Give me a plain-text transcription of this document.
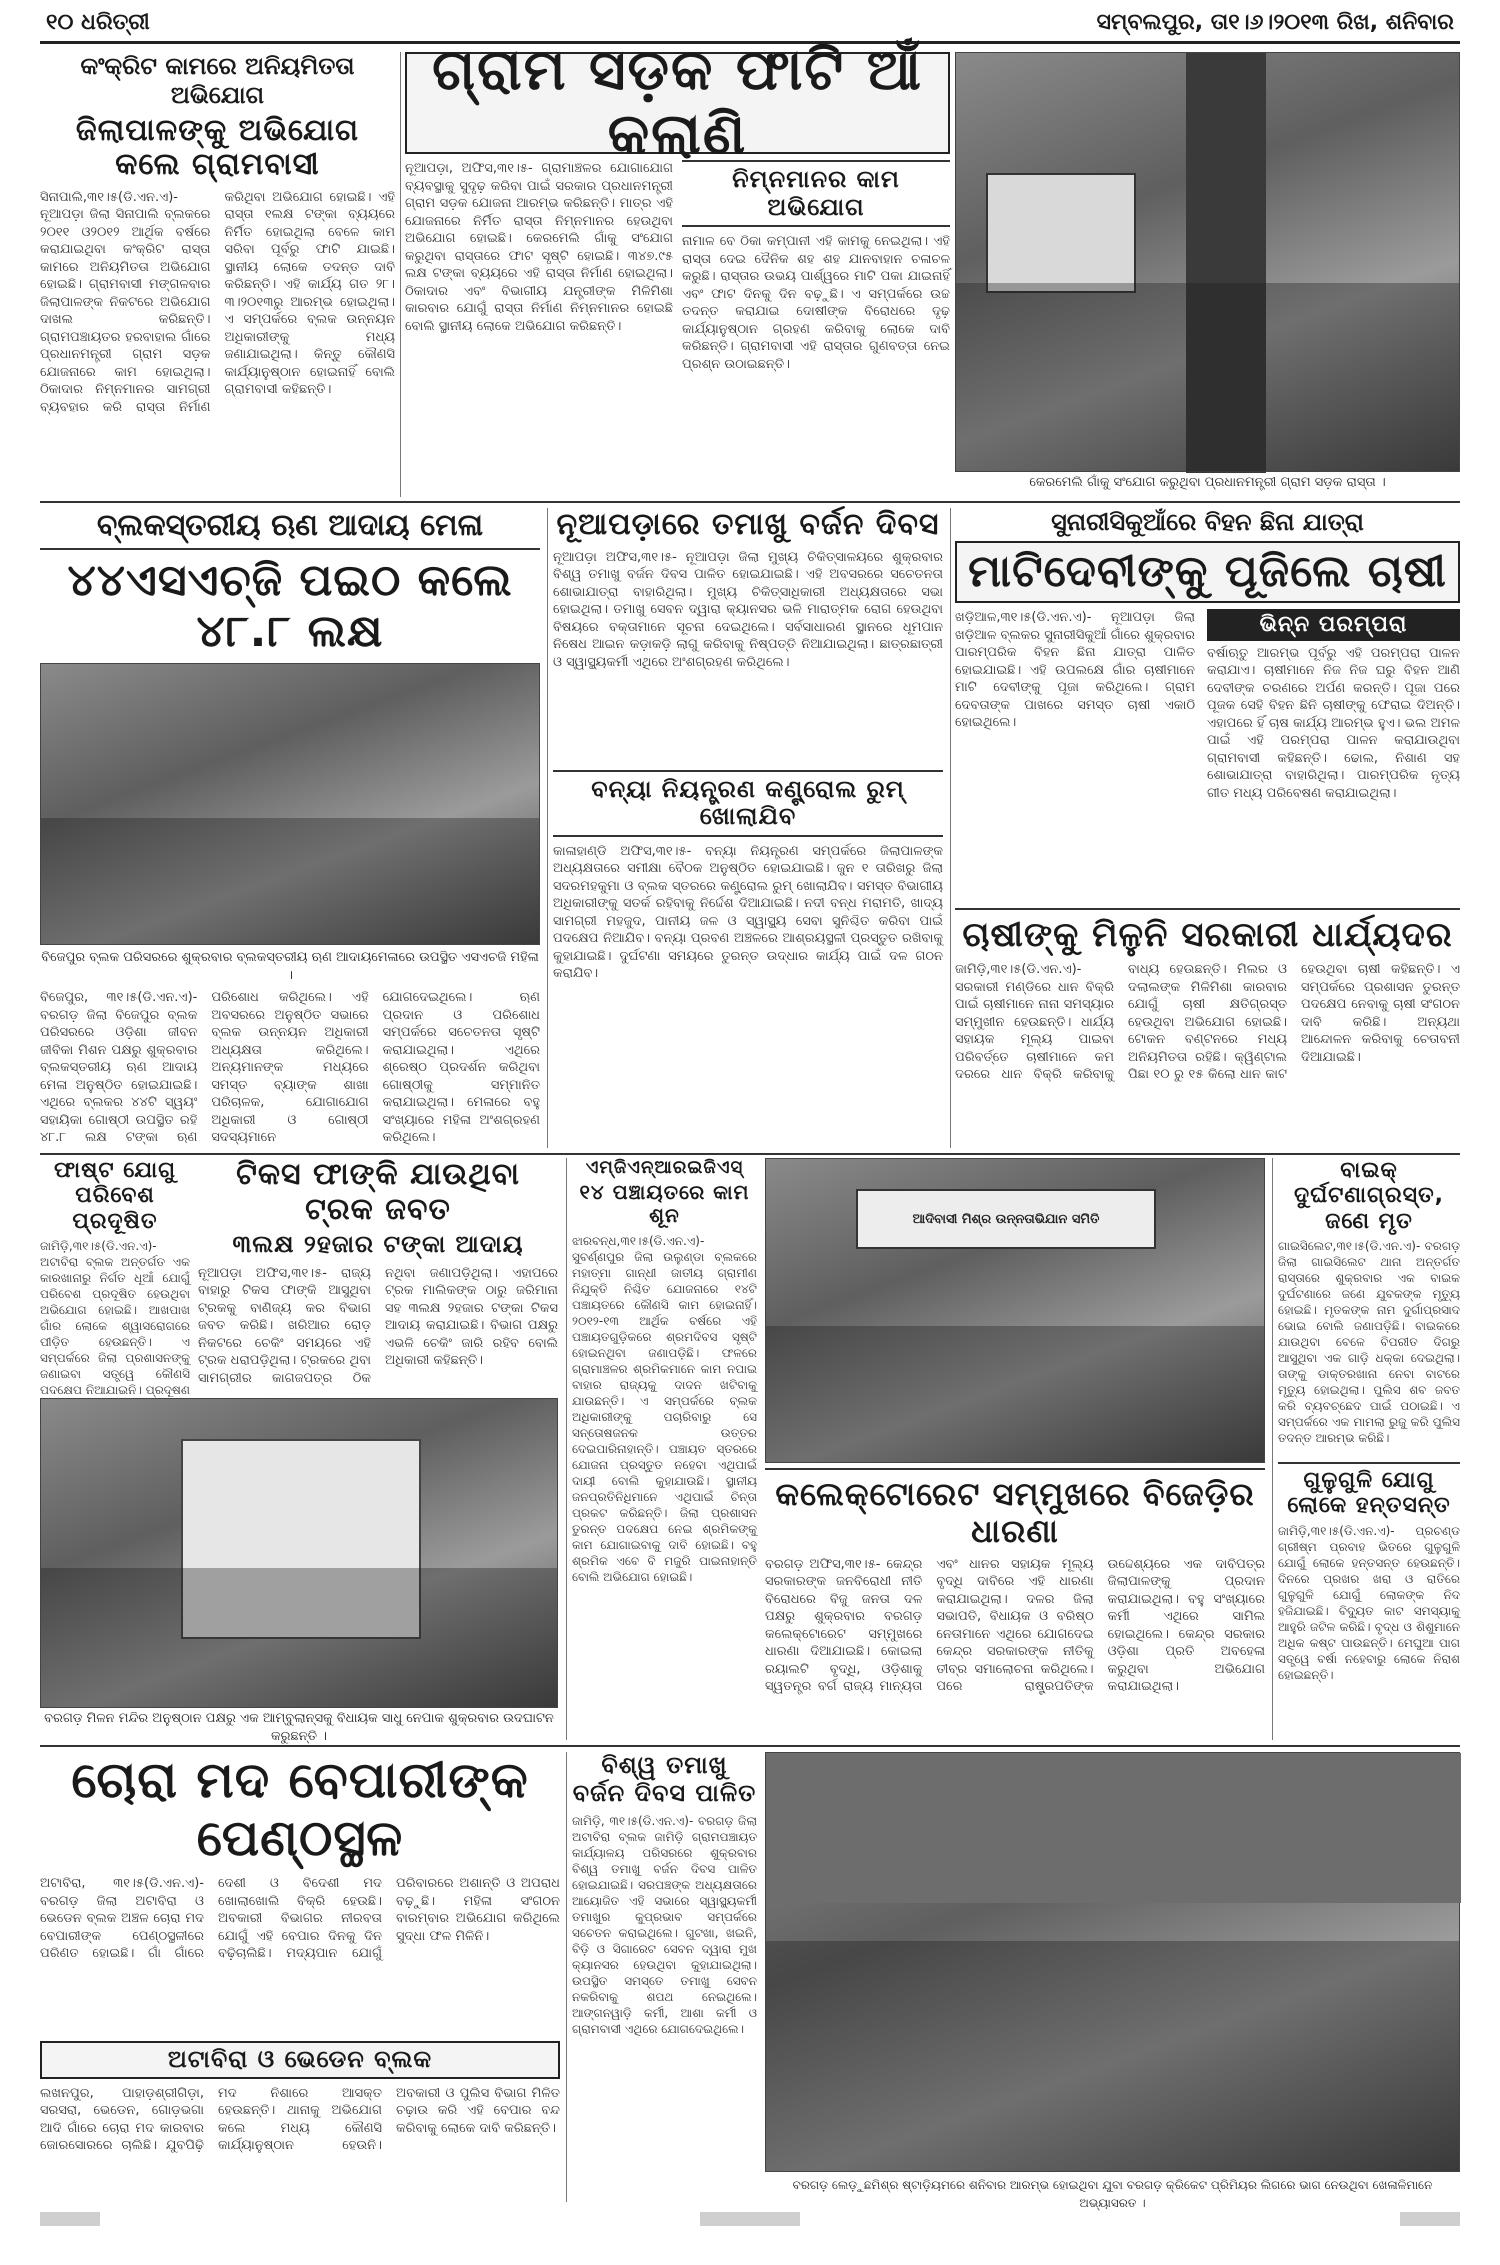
୧୦ ଧରିତ୍ରୀ	ସମ୍ବଲପୁର, ତା୧।୬।୨୦୧୩ ରିଖ, ଶନିବାର
କଂକ୍ରିଟ କାମରେ ଅନିୟମିତତା ଅଭିଯୋଗ
ଜିଲାପାଳଙ୍କୁ ଅଭିଯୋଗ କଲେ ଗ୍ରାମବାସୀ
ସିନାପାଲି,୩୧।୫(ଡି.ଏନ.ଏ)- ନୂଆପଡ଼ା ଜିଲା ସିନାପାଲି ବ୍ଲକରେ ୨୦୧୧ ଓ୨୦୧୨ ଆର୍ଥିକ ବର୍ଷରେ କରାଯାଇଥିବା କଂକ୍ରିଟ ରାସ୍ତା କାମରେ ଅନିୟମିତତା ଅଭିଯୋଗ ହୋଇଛି। ଗ୍ରାମବାସୀ ମଙ୍ଗଳବାର ଜିଲାପାଳଙ୍କ ନିକଟରେ ଅଭିଯୋଗ ଦାଖଲ କରିଛନ୍ତି। ଗ୍ରାମପଞ୍ଚାୟତର ହରବାହାଲ ଗାଁରେ ପ୍ରଧାନମନ୍ତ୍ରୀ ଗ୍ରାମ ସଡ଼କ ଯୋଜନାରେ କାମ ହୋଇଥିଲା। ଠିକାଦାର ନିମ୍ନମାନର ସାମଗ୍ରୀ ବ୍ୟବହାର କରି ରାସ୍ତା ନିର୍ମାଣ କରିଥିବା ଅଭିଯୋଗ ହୋଇଛି। ଏହି ରାସ୍ତା ୧ଲକ୍ଷ ଟଙ୍କା ବ୍ୟୟରେ ନିର୍ମିତ ହୋଇଥିଲା ବେଳେ କାମ ସରିବା ପୂର୍ବରୁ ଫାଟି ଯାଇଛି। ସ୍ଥାନୀୟ ଲୋକେ ତଦନ୍ତ ଦାବି କରିଛନ୍ତି। ଏହି କାର୍ଯ୍ୟ ଗତ ୨୮।୩।୨୦୧୩ରୁ ଆରମ୍ଭ ହୋଇଥିଲା। ଏ ସମ୍ପର୍କରେ ବ୍ଲକ ଉନ୍ନୟନ ଅଧିକାରୀଙ୍କୁ ମଧ୍ୟ ଜଣାଯାଇଥିଲା। କିନ୍ତୁ କୌଣସି କାର୍ଯ୍ୟାନୁଷ୍ଠାନ ହୋଇନାହିଁ ବୋଲି ଗ୍ରାମବାସୀ କହିଛନ୍ତି।
ଗ୍ରାମ ସଡ଼କ ଫାଟି ଆଁ କଲାଣି
ନୂଆପଡ଼ା, ଅଫିସ,୩୧।୫- ଗ୍ରାମାଞ୍ଚଳର ଯୋଗାଯୋଗ ବ୍ୟବସ୍ଥାକୁ ସୁଦୃଢ଼ କରିବା ପାଇଁ ସରକାର ପ୍ରଧାନମନ୍ତ୍ରୀ ଗ୍ରାମ ସଡ଼କ ଯୋଜନା ଆରମ୍ଭ କରିଛନ୍ତି। ମାତ୍ର ଏହି ଯୋଜନାରେ ନିର୍ମିତ ରାସ୍ତା ନିମ୍ନମାନର ହେଉଥିବା ଅଭିଯୋଗ ହୋଇଛି। କେରମେଲି ଗାଁକୁ ସଂଯୋଗ କରୁଥିବା ରାସ୍ତାରେ ଫାଟ ସୃଷ୍ଟି ହୋଇଛି। ୩୪୭.୯୫ ଲକ୍ଷ ଟଙ୍କା ବ୍ୟୟରେ ଏହି ରାସ୍ତା ନିର୍ମାଣ ହୋଇଥିଲା। ଠିକାଦାର ଏବଂ ବିଭାଗୀୟ ଯନ୍ତ୍ରୀଙ୍କ ମିଳିମିଶା କାରବାର ଯୋଗୁଁ ରାସ୍ତା ନିର୍ମାଣ ନିମ୍ନମାନର ହୋଇଛି ବୋଲି ସ୍ଥାନୀୟ ଲୋକେ ଅଭିଯୋଗ କରିଛନ୍ତି।
ନିମ୍ନମାନର କାମ ଅଭିଯୋଗ
ନାମାଳ ବେ ଠିକା କମ୍ପାନୀ ଏହି କାମକୁ ନେଇଥିଲା। ଏହି ରାସ୍ତା ଦେଇ ଦୈନିକ ଶହ ଶହ ଯାନବାହାନ ଚଳାଚଳ କରୁଛି। ରାସ୍ତାର ଉଭୟ ପାର୍ଶ୍ୱରେ ମାଟି ପକା ଯାଇନାହିଁ ଏବଂ ଫାଟ ଦିନକୁ ଦିନ ବଢ଼ୁଛି। ଏ ସମ୍ପର୍କରେ ଉଚ୍ଚ ତଦନ୍ତ କରାଯାଇ ଦୋଷୀଙ୍କ ବିରୋଧରେ ଦୃଢ଼ କାର୍ଯ୍ୟାନୁଷ୍ଠାନ ଗ୍ରହଣ କରିବାକୁ ଲୋକେ ଦାବି କରିଛନ୍ତି। ଗ୍ରାମବାସୀ ଏହି ରାସ୍ତାର ଗୁଣବତ୍ତା ନେଇ ପ୍ରଶ୍ନ ଉଠାଇଛନ୍ତି।
କେରମେଲି ଗାଁକୁ ସଂଯୋଗ କରୁଥିବା ପ୍ରଧାନମନ୍ତ୍ରୀ ଗ୍ରାମ ସଡ଼କ ରାସ୍ତା ।
ବ୍ଲକସ୍ତରୀୟ ଋଣ ଆଦାୟ ମେଳା
୪୪ଏସଏଚ୍‌ଜି ପଇଠ କଲେ ୪୮.୮ ଲକ୍ଷ
ବିଜେପୁର ବ୍ଲକ ପରିସରରେ ଶୁକ୍ରବାର ବ୍ଲକସ୍ତରୀୟ ଋଣ ଆଦାୟମେଳାରେ ଉପସ୍ଥିତ ଏସଏଚଜି ମହିଳା ।
ବିଜେପୁର, ୩୧।୫(ଡି.ଏନ.ଏ)- ବରଗଡ଼ ଜିଲା ବିଜେପୁର ବ୍ଲକ ପରିସରରେ ଓଡ଼ିଶା ଜୀବନ ଜୀବିକା ମିଶନ ପକ୍ଷରୁ ଶୁକ୍ରବାର ବ୍ଲକସ୍ତରୀୟ ଋଣ ଆଦାୟ ମେଳା ଅନୁଷ୍ଠିତ ହୋଇଯାଇଛି। ଏଥିରେ ବ୍ଲକର ୪୪ଟି ସ୍ୱୟଂ ସହାୟିକା ଗୋଷ୍ଠୀ ଉପସ୍ଥିତ ରହି ୪୮.୮ ଲକ୍ଷ ଟଙ୍କା ଋଣ ପରିଶୋଧ କରିଥିଲେ। ଏହି ଅବସରରେ ଅନୁଷ୍ଠିତ ସଭାରେ ବ୍ଲକ ଉନ୍ନୟନ ଅଧିକାରୀ ଅଧ୍ୟକ୍ଷତା କରିଥିଲେ। ଅନ୍ୟମାନଙ୍କ ମଧ୍ୟରେ ସମସ୍ତ ବ୍ୟାଙ୍କ ଶାଖା ପରିଚାଳକ, ଯୋଗାଯୋଗ ଅଧିକାରୀ ଓ ଗୋଷ୍ଠୀ ସଦସ୍ୟମାନେ ଯୋଗଦେଇଥିଲେ। ଋଣ ପ୍ରଦାନ ଓ ପରିଶୋଧ ସମ୍ପର୍କରେ ସଚେତନତା ସୃଷ୍ଟି କରାଯାଇଥିଲା। ଏଥିରେ ଶ୍ରେଷ୍ଠ ପ୍ରଦର୍ଶନ କରିଥିବା ଗୋଷ୍ଠୀକୁ ସମ୍ମାନିତ କରାଯାଇଥିଲା। ମେଳାରେ ବହୁ ସଂଖ୍ୟାରେ ମହିଳା ଅଂଶଗ୍ରହଣ କରିଥିଲେ।
ନୂଆପଡ଼ାରେ ତମାଖୁ ବର୍ଜନ ଦିବସ
ନୂଆପଡ଼ା ଅଫିସ,୩୧।୫- ନୂଆପଡ଼ା ଜିଲା ମୁଖ୍ୟ ଚିକିତ୍ସାଳୟରେ ଶୁକ୍ରବାର ବିଶ୍ୱ ତମାଖୁ ବର୍ଜନ ଦିବସ ପାଳିତ ହୋଇଯାଇଛି। ଏହି ଅବସରରେ ସଚେତନତା ଶୋଭାଯାତ୍ରା ବାହାରିଥିଲା। ମୁଖ୍ୟ ଚିକିତ୍ସାଧିକାରୀ ଅଧ୍ୟକ୍ଷତାରେ ସଭା ହୋଇଥିଲା। ତମାଖୁ ସେବନ ଦ୍ୱାରା କ୍ୟାନସର ଭଳି ମାରାତ୍ମକ ରୋଗ ହେଉଥିବା ବିଷୟରେ ବକ୍ତାମାନେ ସୂଚନା ଦେଇଥିଲେ। ସର୍ବସାଧାରଣ ସ୍ଥାନରେ ଧୂମପାନ ନିଷେଧ ଆଇନ କଡ଼ାକଡ଼ି ଲାଗୁ କରିବାକୁ ନିଷ୍ପତ୍ତି ନିଆଯାଇଥିଲା। ଛାତ୍ରଛାତ୍ରୀ ଓ ସ୍ୱାସ୍ଥ୍ୟକର୍ମୀ ଏଥିରେ ଅଂଶଗ୍ରହଣ କରିଥିଲେ।
ବନ୍ୟା ନିୟନ୍ତ୍ରଣ କଣ୍ଟ୍ରୋଲ ରୁମ୍ ଖୋଲାଯିବ
କାଳାହାଣ୍ଡି ଅଫିସ,୩୧।୫- ବନ୍ୟା ନିୟନ୍ତ୍ରଣ ସମ୍ପର୍କରେ ଜିଲାପାଳଙ୍କ ଅଧ୍ୟକ୍ଷତାରେ ସମୀକ୍ଷା ବୈଠକ ଅନୁଷ୍ଠିତ ହୋଇଯାଇଛି। ଜୁନ ୧ ତାରିଖରୁ ଜିଲା ସଦରମହକୁମା ଓ ବ୍ଲକ ସ୍ତରରେ କଣ୍ଟ୍ରୋଲ ରୁମ୍ ଖୋଲାଯିବ। ସମସ୍ତ ବିଭାଗୀୟ ଅଧିକାରୀଙ୍କୁ ସତର୍କ ରହିବାକୁ ନିର୍ଦ୍ଦେଶ ଦିଆଯାଇଛି। ନଦୀ ବନ୍ଧ ମରାମତି, ଖାଦ୍ୟ ସାମଗ୍ରୀ ମହଜୁଦ, ପାନୀୟ ଜଳ ଓ ସ୍ୱାସ୍ଥ୍ୟ ସେବା ସୁନିଶ୍ଚିତ କରିବା ପାଇଁ ପଦକ୍ଷେପ ନିଆଯିବ। ବନ୍ୟା ପ୍ରବଣ ଅଞ୍ଚଳରେ ଆଶ୍ରୟସ୍ଥଳୀ ପ୍ରସ୍ତୁତ ରଖିବାକୁ କୁହାଯାଇଛି। ଦୁର୍ଘଟଣା ସମୟରେ ତୁରନ୍ତ ଉଦ୍ଧାର କାର୍ଯ୍ୟ ପାଇଁ ଦଳ ଗଠନ କରାଯିବ।
ସୁନାରୀସିକୁଆଁରେ ବିହନ ଛିନା ଯାତ୍ରା
ମାଟିଦେବୀଙ୍କୁ ପୂଜିଲେ ଚାଷୀ
ଖଡ଼ିଆଳ,୩୧।୫(ଡି.ଏନ.ଏ)- ନୂଆପଡ଼ା ଜିଲା ଖଡ଼ିଆଳ ବ୍ଲକର ସୁନାରୀସିକୁଆଁ ଗାଁରେ ଶୁକ୍ରବାର ପାରମ୍ପରିକ ବିହନ ଛିନା ଯାତ୍ରା ପାଳିତ ହୋଇଯାଇଛି। ଏହି ଉପଲକ୍ଷେ ଗାଁର ଚାଷୀମାନେ ମାଟି ଦେବୀଙ୍କୁ ପୂଜା କରିଥିଲେ। ଗ୍ରାମ ଦେବତାଙ୍କ ପାଖରେ ସମସ୍ତ ଚାଷୀ ଏକାଠି ହୋଇଥିଲେ।
ଭିନ୍ନ ପରମ୍ପରା
ବର୍ଷାଋତୁ ଆରମ୍ଭ ପୂର୍ବରୁ ଏହି ପରମ୍ପରା ପାଳନ କରାଯାଏ। ଚାଷୀମାନେ ନିଜ ନିଜ ଘରୁ ବିହନ ଆଣି ଦେବୀଙ୍କ ଚରଣରେ ଅର୍ପଣ କରନ୍ତି। ପୂଜା ପରେ ପୂଜକ ସେହି ବିହନ ଛିନି ଚାଷୀଙ୍କୁ ଫେରାଇ ଦିଅନ୍ତି। ଏହାପରେ ହିଁ ଚାଷ କାର୍ଯ୍ୟ ଆରମ୍ଭ ହୁଏ। ଭଲ ଅମଳ ପାଇଁ ଏହି ପରମ୍ପରା ପାଳନ କରାଯାଉଥିବା ଗ୍ରାମବାସୀ କହିଛନ୍ତି। ଢୋଲ, ନିଶାଣ ସହ ଶୋଭାଯାତ୍ରା ବାହାରିଥିଲା। ପାରମ୍ପରିକ ନୃତ୍ୟ ଗୀତ ମଧ୍ୟ ପରିବେଷଣ କରାଯାଇଥିଲା।
ଚାଷୀଙ୍କୁ ମିଳୁନି ସରକାରୀ ଧାର୍ଯ୍ୟଦର
ଜାମିଡ଼ି,୩୧।୫(ଡି.ଏନ.ଏ)- ସରକାରୀ ମଣ୍ଡିରେ ଧାନ ବିକ୍ରି ପାଇଁ ଚାଷୀମାନେ ନାନା ସମସ୍ୟାର ସମ୍ମୁଖୀନ ହେଉଛନ୍ତି। ଧାର୍ଯ୍ୟ ସହାୟକ ମୂଲ୍ୟ ପାଇବା ପରିବର୍ତ୍ତେ ଚାଷୀମାନେ କମ ଦରରେ ଧାନ ବିକ୍ରି କରିବାକୁ ବାଧ୍ୟ ହେଉଛନ୍ତି। ମିଲର ଓ ଦଲାଲଙ୍କ ମିଳିମିଶା କାରବାର ଯୋଗୁଁ ଚାଷୀ କ୍ଷତିଗ୍ରସ୍ତ ହେଉଥିବା ଅଭିଯୋଗ ହୋଇଛି। ଟୋକନ ବଣ୍ଟନରେ ମଧ୍ୟ ଅନିୟମିତତା ରହିଛି। କ୍ୱିଣ୍ଟାଲ ପିଛା ୧୦ ରୁ ୧୫ କିଲୋ ଧାନ କାଟ ହେଉଥିବା ଚାଷୀ କହିଛନ୍ତି। ଏ ସମ୍ପର୍କରେ ପ୍ରଶାସନ ତୁରନ୍ତ ପଦକ୍ଷେପ ନେବାକୁ ଚାଷୀ ସଂଗଠନ ଦାବି କରିଛି। ଅନ୍ୟଥା ଆନ୍ଦୋଳନ କରିବାକୁ ଚେତାବନୀ ଦିଆଯାଇଛି।
ଫାଷ୍ଟ ଯୋଗୁ ପରିବେଶ ପ୍ରଦୂଷିତ
ଜାମିଡ଼ି,୩୧।୫(ଡି.ଏନ.ଏ)- ଅଟାବିରା ବ୍ଲକ ଅନ୍ତର୍ଗତ ଏକ କାରଖାନାରୁ ନିର୍ଗତ ଧୂଆଁ ଯୋଗୁଁ ପରିବେଶ ପ୍ରଦୂଷିତ ହେଉଥିବା ଅଭିଯୋଗ ହୋଇଛି। ଆଖପାଖ ଗାଁର ଲୋକେ ଶ୍ୱାସରୋଗରେ ପୀଡ଼ିତ ହେଉଛନ୍ତି। ଏ ସମ୍ପର୍କରେ ଜିଲା ପ୍ରଶାସନଙ୍କୁ ଜଣାଇବା ସତ୍ତ୍ୱେ କୌଣସି ପଦକ୍ଷେପ ନିଆଯାଇନି। ପ୍ରଦୂଷଣ
ଟିକସ ଫାଙ୍କି ଯାଉଥିବା ଟ୍ରକ ଜବତ
୩ଲକ୍ଷ ୨ହଜାର ଟଙ୍କା ଆଦାୟ
ନୂଆପଡ଼ା ଅଫିସ,୩୧।୫- ରାଜ୍ୟ ବାହାରୁ ଟିକସ ଫାଙ୍କି ଆସୁଥିବା ଟ୍ରକକୁ ବାଣିଜ୍ୟ କର ବିଭାଗ ଜବତ କରିଛି। ଖରିଆର ରୋଡ଼ ନିକଟରେ ଚେକିଂ ସମୟରେ ଏହି ଟ୍ରକ ଧରାପଡ଼ିଥିଲା। ଟ୍ରକରେ ଥିବା ସାମଗ୍ରୀର କାଗଜପତ୍ର ଠିକ ନଥିବା ଜଣାପଡ଼ିଥିଲା। ଏହାପରେ ଟ୍ରକ ମାଲିକଙ୍କ ଠାରୁ ଜରିମାନା ସହ ୩ଲକ୍ଷ ୨ହଜାର ଟଙ୍କା ଟିକସ ଆଦାୟ କରାଯାଇଛି। ବିଭାଗ ପକ୍ଷରୁ ଏଭଳି ଚେକିଂ ଜାରି ରହିବ ବୋଲି ଅଧିକାରୀ କହିଛନ୍ତି।
ବରଗଡ଼ ମିଳନ ମନ୍ଦିର ଅନୁଷ୍ଠାନ ପକ୍ଷରୁ ଏକ ଆମ୍ବୁଲାନ୍ସକୁ ବିଧାୟକ ସାଧୁ ନେପାକ ଶୁକ୍ରବାର ଉଦଘାଟନ କରୁଛନ୍ତି ।
ଏମ୍‌ଜିଏନ୍‌ଆରଇଜିଏସ୍
୧୪ ପଞ୍ଚାୟତରେ କାମ ଶୂନ
ଝାରବନ୍ଧ,୩୧।୫(ଡି.ଏନ.ଏ)- ସୁବର୍ଣ୍ଣପୁର ଜିଲା ଉଲୁଣ୍ଡା ବ୍ଲକରେ ମହାତ୍ମା ଗାନ୍ଧୀ ଜାତୀୟ ଗ୍ରାମୀଣ ନିଯୁକ୍ତି ନିଶ୍ଚିତ ଯୋଜନାରେ ୧୪ଟି ପଞ୍ଚାୟତରେ କୌଣସି କାମ ହୋଇନାହିଁ। ୨୦୧୨-୧୩ ଆର୍ଥିକ ବର୍ଷରେ ଏହି ପଞ୍ଚାୟତଗୁଡ଼ିକରେ ଶ୍ରମଦିବସ ସୃଷ୍ଟି ହୋଇନଥିବା ଜଣାପଡ଼ିଛି। ଫଳରେ ଗ୍ରାମାଞ୍ଚଳର ଶ୍ରମିକମାନେ କାମ ନପାଇ ବାହାର ରାଜ୍ୟକୁ ଦାଦନ ଖଟିବାକୁ ଯାଉଛନ୍ତି। ଏ ସମ୍ପର୍କରେ ବ୍ଲକ ଅଧିକାରୀଙ୍କୁ ପଚାରିବାରୁ ସେ ସନ୍ତୋଷଜନକ ଉତ୍ତର ଦେଇପାରିନାହାନ୍ତି। ପଞ୍ଚାୟତ ସ୍ତରରେ ଯୋଜନା ପ୍ରସ୍ତୁତ ନହେବା ଏଥିପାଇଁ ଦାୟୀ ବୋଲି କୁହାଯାଉଛି। ସ୍ଥାନୀୟ ଜନପ୍ରତିନିଧିମାନେ ଏଥିପାଇଁ ଚିନ୍ତା ପ୍ରକଟ କରିଛନ୍ତି। ଜିଲା ପ୍ରଶାସନ ତୁରନ୍ତ ପଦକ୍ଷେପ ନେଇ ଶ୍ରମିକଙ୍କୁ କାମ ଯୋଗାଇବାକୁ ଦାବି ହୋଇଛି। ବହୁ ଶ୍ରମିକ ଏବେ ବି ମଜୁରି ପାଇନାହାନ୍ତି ବୋଲି ଅଭିଯୋଗ ହୋଇଛି।
ଆଦିବାସୀ ମିଶ୍ର ଉନ୍ନତାଭିଯାନ ସମିତି
କଲେକ୍ଟୋରେଟ ସମ୍ମୁଖରେ ବିଜେଡ଼ିର ଧାରଣା
ବରଗଡ଼ ଅଫିସ,୩୧।୫- କେନ୍ଦ୍ର ସରକାରଙ୍କ ଜନବିରୋଧୀ ନୀତି ବିରୋଧରେ ବିଜୁ ଜନତା ଦଳ ପକ୍ଷରୁ ଶୁକ୍ରବାର ବରଗଡ଼ କଲେକ୍ଟୋରେଟ ସମ୍ମୁଖରେ ଧାରଣା ଦିଆଯାଇଛି। କୋଇଲା ରୟାଲଟି ବୃଦ୍ଧି, ଓଡ଼ିଶାକୁ ସ୍ୱତନ୍ତ୍ର ବର୍ଗ ରାଜ୍ୟ ମାନ୍ୟତା ଏବଂ ଧାନର ସହାୟକ ମୂଲ୍ୟ ବୃଦ୍ଧି ଦାବିରେ ଏହି ଧାରଣା କରାଯାଇଥିଲା। ଦଳର ଜିଲା ସଭାପତି, ବିଧାୟକ ଓ ବରିଷ୍ଠ ନେତାମାନେ ଏଥିରେ ଯୋଗଦେଇ କେନ୍ଦ୍ର ସରକାରଙ୍କ ନୀତିକୁ ତୀବ୍ର ସମାଲୋଚନା କରିଥିଲେ। ପରେ ରାଷ୍ଟ୍ରପତିଙ୍କ ଉଦ୍ଦେଶ୍ୟରେ ଏକ ଦାବିପତ୍ର ଜିଲାପାଳଙ୍କୁ ପ୍ରଦାନ କରାଯାଇଥିଲା। ବହୁ ସଂଖ୍ୟାରେ କର୍ମୀ ଏଥିରେ ସାମିଲ ହୋଇଥିଲେ। କେନ୍ଦ୍ର ସରକାର ଓଡ଼ିଶା ପ୍ରତି ଅବହେଳା କରୁଥିବା ଅଭିଯୋଗ କରାଯାଇଥିଲା।
ବାଇକ୍ ଦୁର୍ଘଟଣାଗ୍ରସ୍ତ, ଜଣେ ମୃତ
ଗାଇସିଲେଟ,୩୧।୫(ଡି.ଏନ.ଏ)- ବରଗଡ଼ ଜିଲା ଗାଇସିଲେଟ ଥାନା ଅନ୍ତର୍ଗତ ରାସ୍ତାରେ ଶୁକ୍ରବାର ଏକ ବାଇକ ଦୁର୍ଘଟଣାରେ ଜଣେ ଯୁବକଙ୍କ ମୃତ୍ୟୁ ହୋଇଛି। ମୃତକଙ୍କ ନାମ ଦୁର୍ଗାପ୍ରସାଦ ଭୋଇ ବୋଲି ଜଣାପଡ଼ିଛି। ବାଇକରେ ଯାଉଥିବା ବେଳେ ବିପରୀତ ଦିଗରୁ ଆସୁଥିବା ଏକ ଗାଡ଼ି ଧକ୍କା ଦେଇଥିଲା। ତାଙ୍କୁ ଡାକ୍ତରଖାନା ନେବା ବାଟରେ ମୃତ୍ୟୁ ହୋଇଥିଲା। ପୁଲିସ ଶବ ଜବତ କରି ବ୍ୟବଚ୍ଛେଦ ପାଇଁ ପଠାଇଛି। ଏ ସମ୍ପର୍କରେ ଏକ ମାମଲା ରୁଜୁ କରି ପୁଲିସ ତଦନ୍ତ ଆରମ୍ଭ କରିଛି।
ଗୁଳୁଗୁଳି ଯୋଗୁ ଲୋକେ ହନ୍ତସନ୍ତ
ଜାମିଡ଼ି,୩୧।୫(ଡି.ଏନ.ଏ)- ପ୍ରଚଣ୍ଡ ଗ୍ରୀଷ୍ମ ପ୍ରବାହ ଭିତରେ ଗୁଳୁଗୁଳି ଯୋଗୁଁ ଲୋକେ ହନ୍ତସନ୍ତ ହେଉଛନ୍ତି। ଦିନରେ ପ୍ରଖର ଖରା ଓ ରାତିରେ ଗୁଳୁଗୁଳି ଯୋଗୁଁ ଲୋକଙ୍କ ନିଦ ହଜିଯାଇଛି। ବିଦ୍ୟୁତ କାଟ ସମସ୍ୟାକୁ ଆହୁରି ଜଟିଳ କରିଛି। ବୃଦ୍ଧ ଓ ଶିଶୁମାନେ ଅଧିକ କଷ୍ଟ ପାଉଛନ୍ତି। ମେଘୁଆ ପାଗ ସତ୍ତ୍ୱେ ବର୍ଷା ନହେବାରୁ ଲୋକେ ନିରାଶ ହୋଇଛନ୍ତି।
ଚୋରା ମଦ ବେପାରୀଙ୍କ ପେଣ୍ଠସ୍ଥଳ
ଅଟାବିରା, ୩୧।୫(ଡି.ଏନ.ଏ)- ବରଗଡ଼ ଜିଲା ଅଟାବିରା ଓ ଭେଡେନ ବ୍ଲକ ଅଞ୍ଚଳ ଚୋରା ମଦ ବେପାରୀଙ୍କ ପେଣ୍ଠସ୍ଥଳୀରେ ପରିଣତ ହୋଇଛି। ଗାଁ ଗାଁରେ ଦେଶୀ ଓ ବିଦେଶୀ ମଦ ଖୋଲାଖୋଲି ବିକ୍ରି ହେଉଛି। ଅବକାରୀ ବିଭାଗର ନୀରବତା ଯୋଗୁଁ ଏହି ବେପାର ଦିନକୁ ଦିନ ବଢ଼ିଚାଲିଛି। ମଦ୍ୟପାନ ଯୋଗୁଁ ପରିବାରରେ ଅଶାନ୍ତି ଓ ଅପରାଧ ବଢ଼ୁଛି। ମହିଳା ସଂଗଠନ ବାରମ୍ବାର ଅଭିଯୋଗ କରିଥିଲେ ସୁଦ୍ଧା ଫଳ ମିଳିନି।
ଅଟାବିରା ଓ ଭେଡେନ ବ୍ଲକ
ଲଖନପୁର, ପାହାଡ଼ଶ୍ରୀଗିଡ଼ା, ସରସରା, ଭେଡେନ, ଗୋଡ଼ଭଗା ଆଦି ଗାଁରେ ଚୋରା ମଦ କାରବାର ଜୋରସୋରରେ ଚାଲିଛି। ଯୁବପିଢ଼ି ମଦ ନିଶାରେ ଆସକ୍ତ ହେଉଛନ୍ତି। ଥାନାକୁ ଅଭିଯୋଗ କଲେ ମଧ୍ୟ କୌଣସି କାର୍ଯ୍ୟାନୁଷ୍ଠାନ ହେଉନି। ଅବକାରୀ ଓ ପୁଲିସ ବିଭାଗ ମିଳିତ ଚଢ଼ାଉ କରି ଏହି ବେପାର ବନ୍ଦ କରିବାକୁ ଲୋକେ ଦାବି କରିଛନ୍ତି।
ବିଶ୍ୱ ତମାଖୁ ବର୍ଜନ ଦିବସ ପାଳିତ
ଜାମିଡ଼ି, ୩୧।୫(ଡି.ଏନ.ଏ)- ବରଗଡ଼ ଜିଲା ଅଟାବିରା ବ୍ଲକ ଜାମିଡ଼ି ଗ୍ରାମପଞ୍ଚାୟତ କାର୍ଯ୍ୟାଳୟ ପରିସରରେ ଶୁକ୍ରବାର ବିଶ୍ୱ ତମାଖୁ ବର୍ଜନ ଦିବସ ପାଳିତ ହୋଇଯାଇଛି। ସରପଞ୍ଚଙ୍କ ଅଧ୍ୟକ୍ଷତାରେ ଆୟୋଜିତ ଏହି ସଭାରେ ସ୍ୱାସ୍ଥ୍ୟକର୍ମୀ ତମାଖୁର କୁପ୍ରଭାବ ସମ୍ପର୍କରେ ସଚେତନ କରାଇଥିଲେ। ଗୁଟଖା, ଖଇନି, ବିଡ଼ି ଓ ସିଗାରେଟ ସେବନ ଦ୍ୱାରା ମୁଖ କ୍ୟାନସର ହେଉଥିବା କୁହାଯାଇଥିଲା। ଉପସ୍ଥିତ ସମସ୍ତେ ତମାଖୁ ସେବନ ନକରିବାକୁ ଶପଥ ନେଇଥିଲେ। ଆଙ୍ଗନୱାଡ଼ି କର୍ମୀ, ଆଶା କର୍ମୀ ଓ ଗ୍ରାମବାସୀ ଏଥିରେ ଯୋଗଦେଇଥିଲେ।
ବରଗଡ଼ ଲେଡ଼ୁଛମିଶ୍ର ଷ୍ଟାଡ଼ିୟମରେ ଶନିବାର ଆରମ୍ଭ ହୋଇଥିବା ଯୁବା ବରଗଡ଼ କ୍ରିକେଟ ପ୍ରିମିୟର ଲିଗରେ ଭାଗ ନେଉଥିବା ଖେଳାଳିମାନେ ଅଭ୍ୟାସରତ ।
